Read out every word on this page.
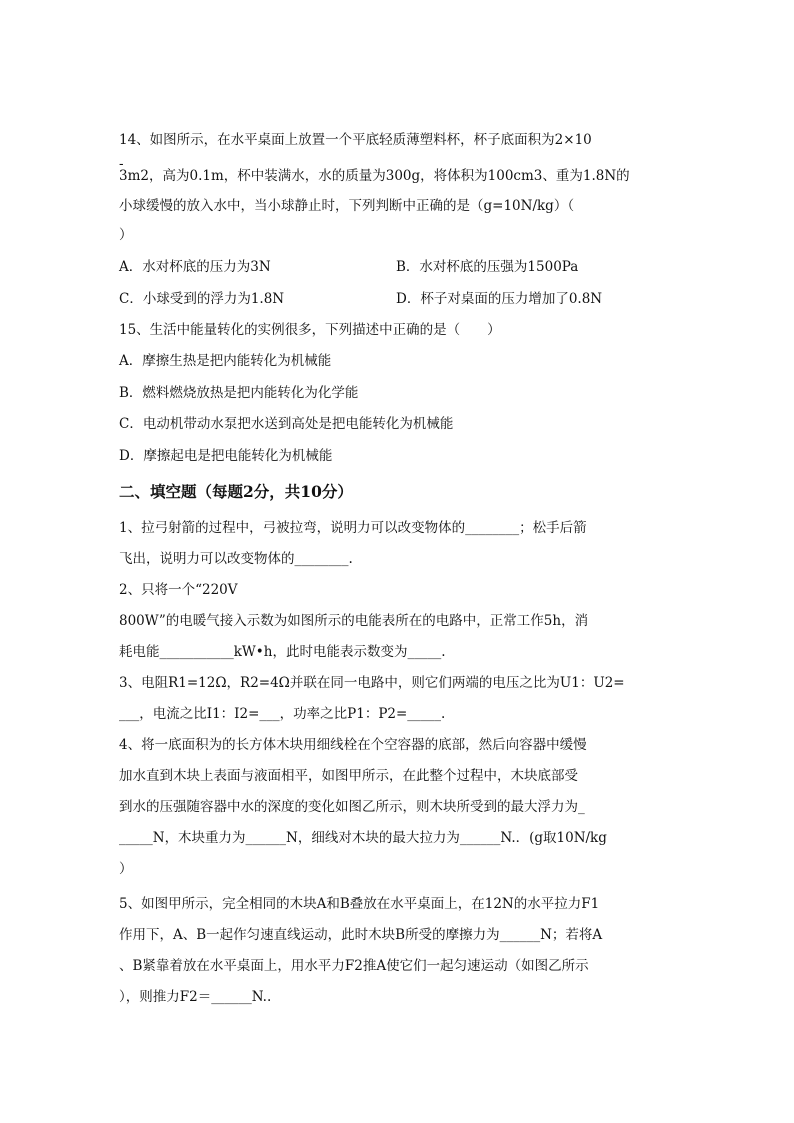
14、如图所示，在水平桌面上放置一个平底轻质薄塑料杯，杯子底面积为2×10
-
3m2，高为0.1m，杯中装满水，水的质量为300g，将体积为100cm3、重为1.8N的
小球缓慢的放入水中，当小球静止时，下列判断中正确的是（g=10N/kg）（
）
A．水对杯底的压力为3N	B．水对杯底的压强为1500Pa
C．小球受到的浮力为1.8N	D．杯子对桌面的压力增加了0.8N
15、生活中能量转化的实例很多，下列描述中正确的是（　　）
A．摩擦生热是把内能转化为机械能
B．燃料燃烧放热是把内能转化为化学能
C．电动机带动水泵把水送到高处是把电能转化为机械能
D．摩擦起电是把电能转化为机械能
二、填空题（每题2分，共10分）
1、拉弓射箭的过程中，弓被拉弯，说明力可以改变物体的________；松手后箭
飞出，说明力可以改变物体的________.
2、只将一个“220V
800W”的电暖气接入示数为如图所示的电能表所在的电路中，正常工作5h，消
耗电能___________kW•h，此时电能表示数变为_____.
3、电阻R1=12Ω，R2=4Ω并联在同一电路中，则它们两端的电压之比为U1：U2=
___，电流之比I1：I2=___，功率之比P1：P2=_____.
4、将一底面积为的长方体木块用细线栓在个空容器的底部，然后向容器中缓慢
加水直到木块上表面与液面相平，如图甲所示，在此整个过程中，木块底部受
到水的压强随容器中水的深度的变化如图乙所示，则木块所受到的最大浮力为_
_____N，木块重力为______N，细线对木块的最大拉力为______N.．(g取10N/kg
）
5、如图甲所示，完全相同的木块A和B叠放在水平桌面上，在12N的水平拉力F1
作用下，A、B一起作匀速直线运动，此时木块B所受的摩擦力为______N；若将A
、B紧靠着放在水平桌面上，用水平力F2推A使它们一起匀速运动（如图乙所示
），则推力F2＝______N..
